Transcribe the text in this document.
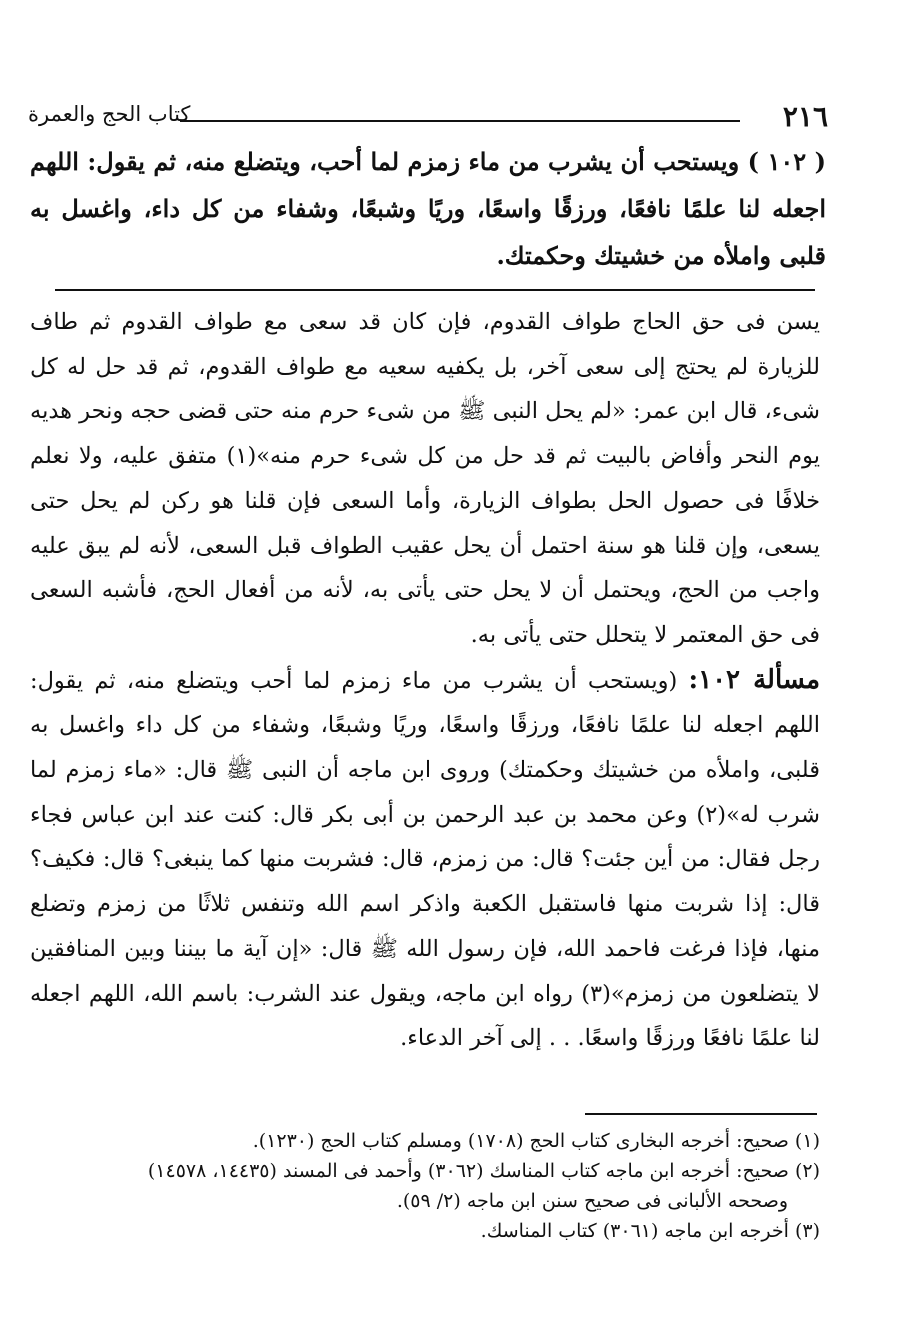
٢١٦
كتاب الحج والعمرة
( ١٠٢ ) ويستحب أن يشرب من ماء زمزم لما أحب، ويتضلع منه، ثم يقول: اللهم اجعله لنا علمًا نافعًا، ورزقًا واسعًا، وريًا وشبعًا، وشفاء من كل داء، واغسل به قلبى واملأه من خشيتك وحكمتك.

يسن فى حق الحاج طواف القدوم، فإن كان قد سعى مع طواف القدوم ثم طاف للزيارة لم يحتج إلى سعى آخر، بل يكفيه سعيه مع طواف القدوم، ثم قد حل له كل شىء، قال ابن عمر: «لم يحل النبى ﷺ من شىء حرم منه حتى قضى حجه ونحر هديه يوم النحر وأفاض بالبيت ثم قد حل من كل شىء حرم منه»(١) متفق عليه، ولا نعلم خلافًا فى حصول الحل بطواف الزيارة، وأما السعى فإن قلنا هو ركن لم يحل حتى يسعى، وإن قلنا هو سنة احتمل أن يحل عقيب الطواف قبل السعى، لأنه لم يبق عليه واجب من الحج، ويحتمل أن لا يحل حتى يأتى به، لأنه من أفعال الحج، فأشبه السعى فى حق المعتمر لا يتحلل حتى يأتى به.

مسألة ١٠٢: (ويستحب أن يشرب من ماء زمزم لما أحب ويتضلع منه، ثم يقول: اللهم اجعله لنا علمًا نافعًا، ورزقًا واسعًا، وريًا وشبعًا، وشفاء من كل داء واغسل به قلبى، واملأه من خشيتك وحكمتك) وروى ابن ماجه أن النبى ﷺ قال: «ماء زمزم لما شرب له»(٢) وعن محمد بن عبد الرحمن بن أبى بكر قال: كنت عند ابن عباس فجاء رجل فقال: من أين جئت؟ قال: من زمزم، قال: فشربت منها كما ينبغى؟ قال: فكيف؟ قال: إذا شربت منها فاستقبل الكعبة واذكر اسم الله وتنفس ثلاثًا من زمزم وتضلع منها، فإذا فرغت فاحمد الله، فإن رسول الله ﷺ قال: «إن آية ما بيننا وبين المنافقين لا يتضلعون من زمزم»(٣) رواه ابن ماجه، ويقول عند الشرب: باسم الله، اللهم اجعله لنا علمًا نافعًا ورزقًا واسعًا. . . إلى آخر الدعاء.

(١) صحيح: أخرجه البخارى كتاب الحج (١٧٠٨) ومسلم كتاب الحج (١٢٣٠).

(٢) صحيح: أخرجه ابن ماجه كتاب المناسك (٣٠٦٢) وأحمد فى المسند (١٤٤٣٥، ١٤٥٧٨)

وصححه الألبانى فى صحيح سنن ابن ماجه (٢/ ٥٩).

(٣) أخرجه ابن ماجه (٣٠٦١) كتاب المناسك.
